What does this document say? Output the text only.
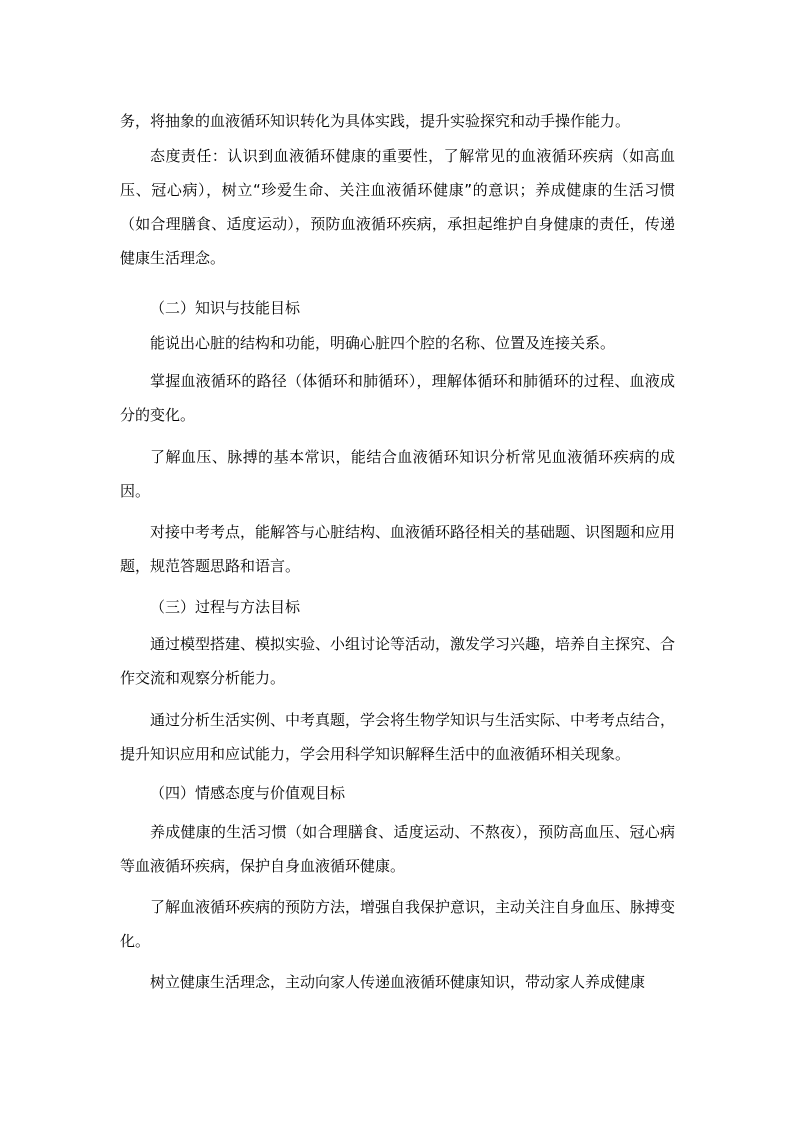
务，将抽象的血液循环知识转化为具体实践，提升实验探究和动手操作能力。

态度责任：认识到血液循环健康的重要性，了解常见的血液循环疾病（如高血压、冠心病），树立“珍爱生命、关注血液循环健康”的意识；养成健康的生活习惯（如合理膳食、适度运动），预防血液循环疾病，承担起维护自身健康的责任，传递健康生活理念。

（二）知识与技能目标

能说出心脏的结构和功能，明确心脏四个腔的名称、位置及连接关系。

掌握血液循环的路径（体循环和肺循环），理解体循环和肺循环的过程、血液成分的变化。

了解血压、脉搏的基本常识，能结合血液循环知识分析常见血液循环疾病的成因。

对接中考考点，能解答与心脏结构、血液循环路径相关的基础题、识图题和应用题，规范答题思路和语言。

（三）过程与方法目标

通过模型搭建、模拟实验、小组讨论等活动，激发学习兴趣，培养自主探究、合作交流和观察分析能力。

通过分析生活实例、中考真题，学会将生物学知识与生活实际、中考考点结合，提升知识应用和应试能力，学会用科学知识解释生活中的血液循环相关现象。

（四）情感态度与价值观目标

养成健康的生活习惯（如合理膳食、适度运动、不熬夜），预防高血压、冠心病等血液循环疾病，保护自身血液循环健康。

了解血液循环疾病的预防方法，增强自我保护意识，主动关注自身血压、脉搏变化。

树立健康生活理念，主动向家人传递血液循环健康知识，带动家人养成健康
